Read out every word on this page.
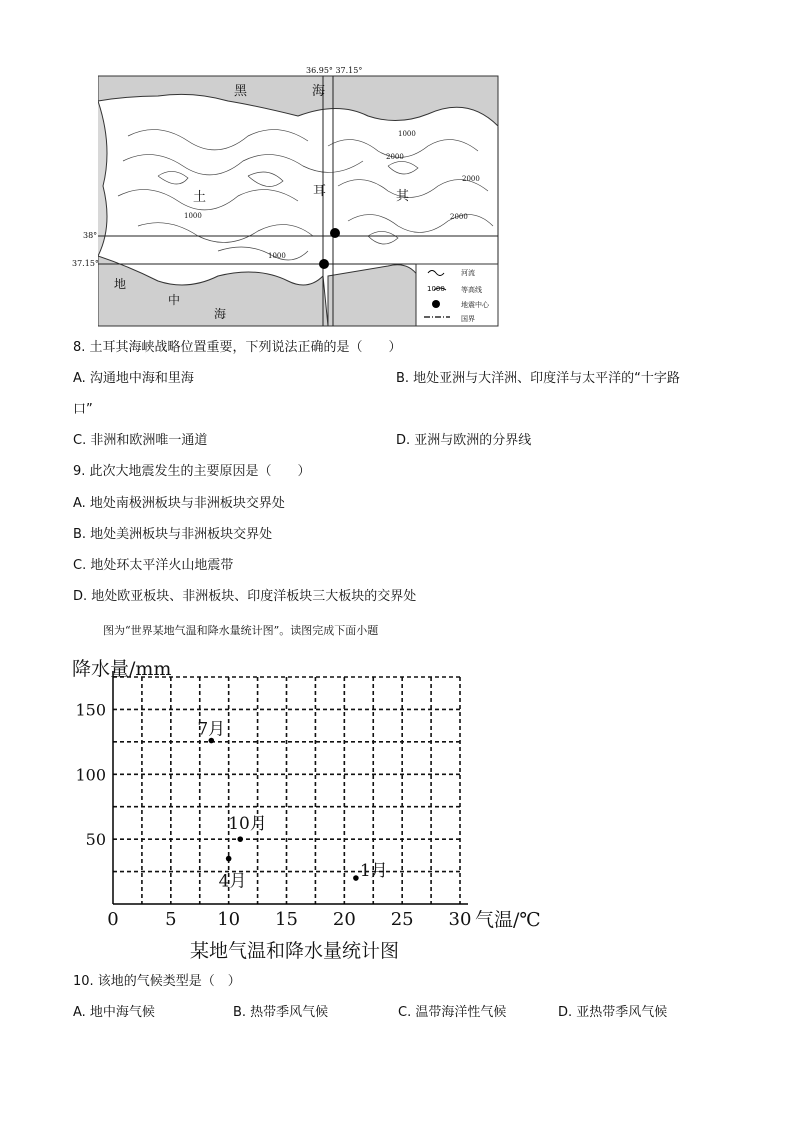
36.95° 37.15°
38°
37.15°
黑	海
地
中
海
土	耳	其
1000
2000
2000
2000
1000
1000
河流
1000 等高线
地震中心
国界
8. 土耳其海峡战略位置重要，下列说法正确的是（　　）
A. 沟通地中海和里海	B. 地处亚洲与大洋洲、印度洋与太平洋的“十字路
口”
C. 非洲和欧洲唯一通道	D. 亚洲与欧洲的分界线
9. 此次大地震发生的主要原因是（　　）
A. 地处南极洲板块与非洲板块交界处
B. 地处美洲板块与非洲板块交界处
C. 地处环太平洋火山地震带
D. 地处欧亚板块、非洲板块、印度洋板块三大板块的交界处
图为“世界某地气温和降水量统计图”。读图完成下面小题
0	5 10 15 20 25 30
50
100
150
7月
10月
4月
1月
降水量/mm
气温/℃
某地气温和降水量统计图
10. 该地的气候类型是（　）
A. 地中海气候	B. 热带季风气候	C. 温带海洋性气候	D. 亚热带季风气候
